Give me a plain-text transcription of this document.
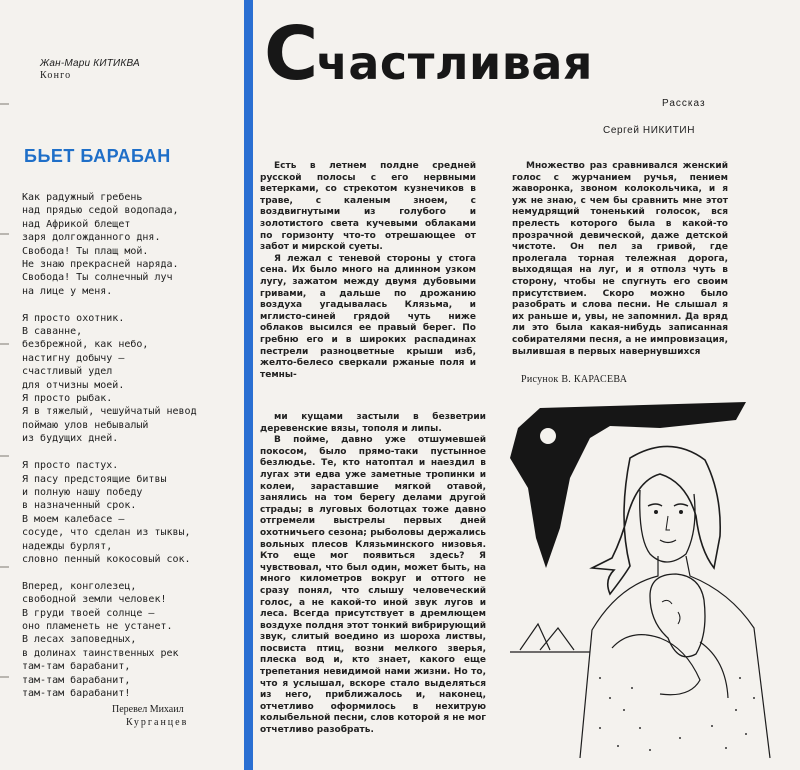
Жан-Мари КИТИКВА
Конго
БЬЕТ БАРАБАН
Как радужный гребень
над прядью седой водопада,
над Африкой блещет
заря долгожданного дня.
Свобода! Ты плащ мой.
Не знаю прекрасней наряда.
Свобода! Ты солнечный луч
на лице у меня.
Я просто охотник.
В саванне,
безбрежной, как небо,
настигну добычу —
счастливый удел
для отчизны моей.
Я просто рыбак.
Я в тяжелый, чешуйчатый невод
поймаю улов небывалый
из будущих дней.
Я просто пастух.
Я пасу предстоящие битвы
и полную нашу победу
в назначенный срок.
В моем калебасе —
сосуде, что сделан из тыквы,
надежды бурлят,
словно пенный кокосовый сок.
Вперед, конголезец,
свободной земли человек!
В груди твоей солнце —
оно пламенеть не устанет.
В лесах заповедных,
в долинах таинственных рек
там-там барабанит,
там-там барабанит,
там-там барабанит!
Перевел Михаил
Курганцев
Счастливая
Рассказ
Сергей НИКИТИН

Есть в летнем полдне средней русской полосы с его нервными ветерками, со стрекотом кузнечиков в траве, с каленым зноем, с воздвигнутыми из голубого и золотистого света кучевыми облаками по горизонту что-то отрешающее от забот и мирской суеты.

Я лежал с теневой стороны у стога сена. Их было много на длинном узком лугу, зажатом между двумя дубовыми гривами, а дальше по дрожанию воздуха угадывалась Клязьма, и мглисто-синей грядой чуть ниже облаков высился ее правый берег. По гребню его и в широких распадинах пестрели разноцветные крыши изб, желто-белесо сверкали ржаные поля и темны-

Множество раз сравнивался женский голос с журчанием ручья, пением жаворонка, звоном колокольчика, и я уж не знаю, с чем бы сравнить мне этот немудрящий тоненький голосок, вся прелесть которого была в какой-то прозрачной девической, даже детской чистоте. Он пел за гривой, где пролегала торная тележная дорога, выходящая на луг, и я отполз чуть в сторону, чтобы не спугнуть его своим присутствием. Скоро можно было разобрать и слова песни. Не слышал я их раньше и, увы, не запомнил. Да вряд ли это была какая-нибудь записанная собирателями песня, а не импровизация, вылившая в первых навернувшихся

ми кущами застыли в безветрии деревенские вязы, тополя и липы.

В пойме, давно уже отшумевшей покосом, было прямо-таки пустынное безлюдье. Те, кто натоптал и наездил в лугах эти едва уже заметные тропинки и колеи, зараставшие мягкой отавой, занялись на том берегу делами другой страды; в луговых болотцах тоже давно отгремели выстрелы первых дней охотничьего сезона; рыболовы держались вольных плесов Клязьминского низовья. Кто еще мог появиться здесь? Я чувствовал, что был один, может быть, на много километров вокруг и оттого не сразу понял, что слышу человеческий голос, а не какой-то иной звук лугов и леса. Всегда присутствует в дремлющем воздухе полдня этот тонкий вибрирующий звук, слитый воедино из шороха листвы, посвиста птиц, возни мелкого зверья, плеска вод и, кто знает, какого еще трепетания невидимой нами жизни. Но то, что я услышал, вскоре стало выделяться из него, приближалось и, наконец, отчетливо оформилось в нехитрую колыбельной песни, слов которой я не мог отчетливо разобрать.

Рисунок В. КАРАСЕВА
